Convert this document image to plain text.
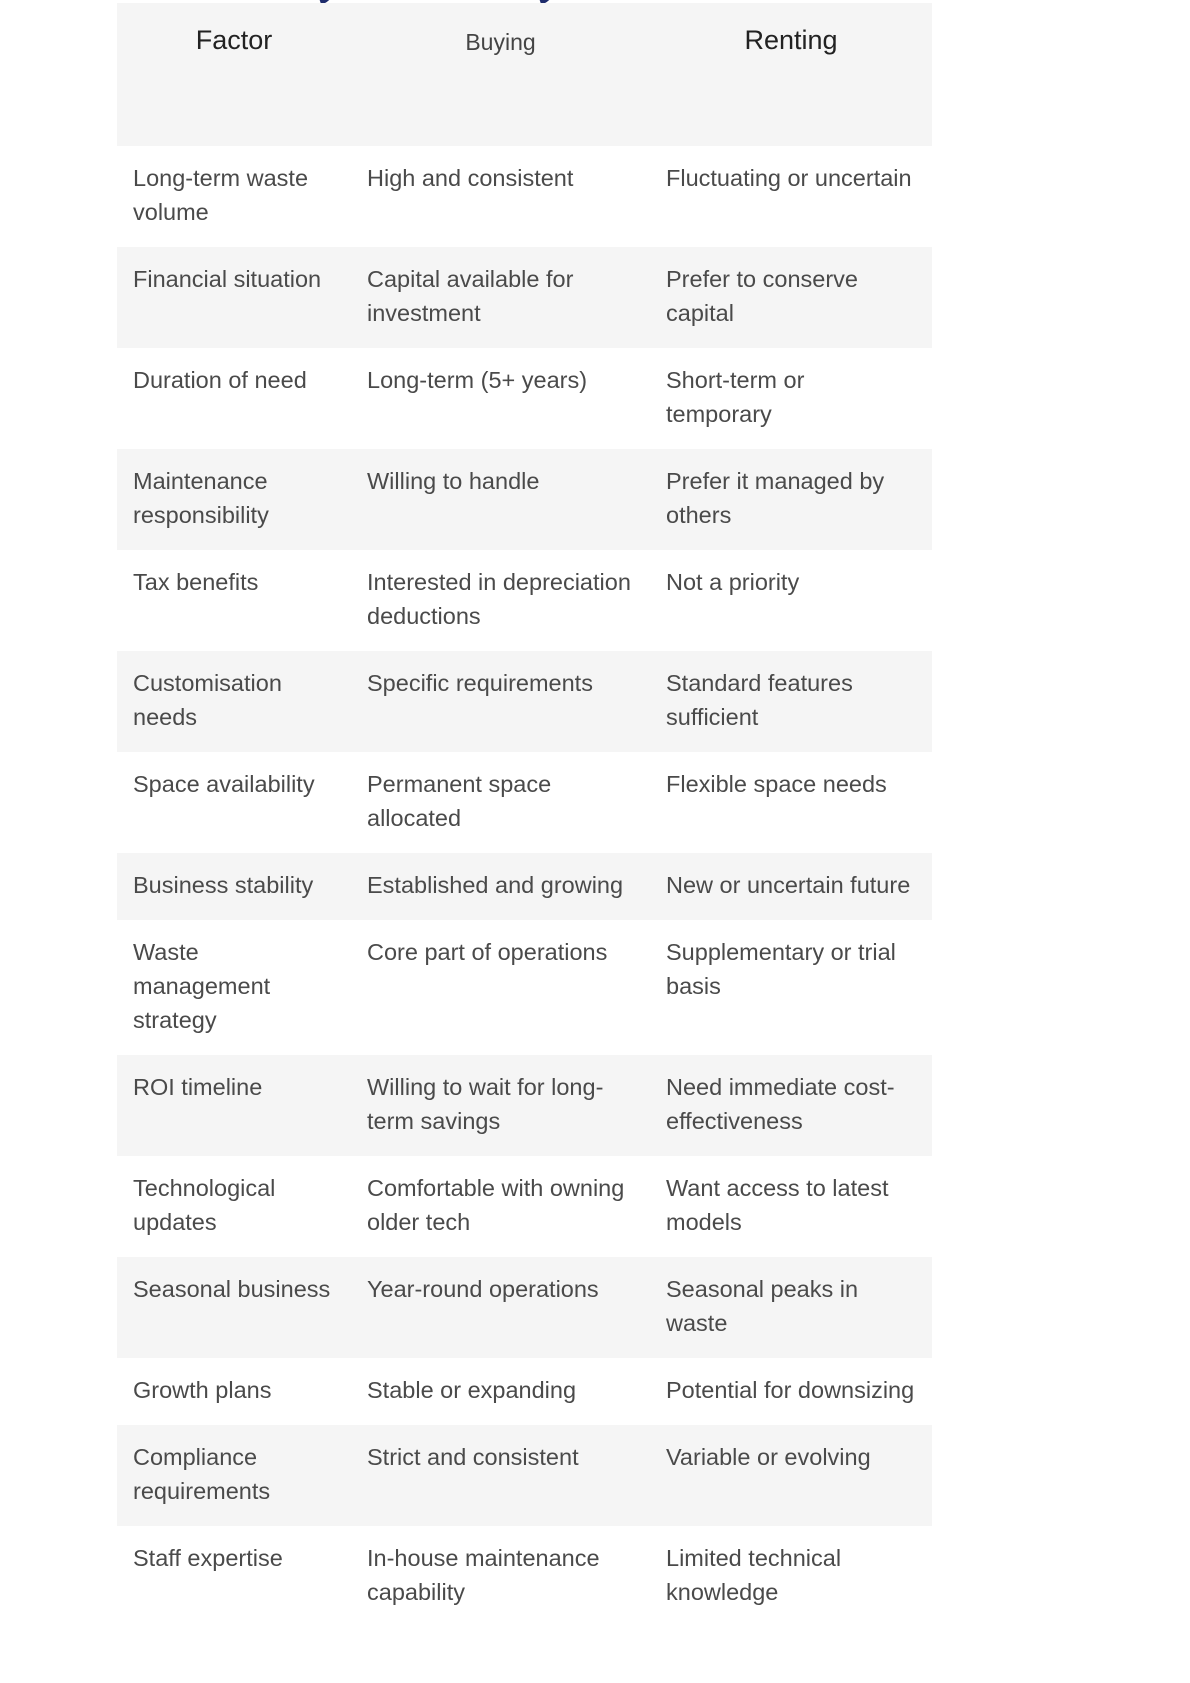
Factor	Buying	Renting
Long-term waste volume	High and consistent	Fluctuating or uncertain
Financial situation	Capital available for investment	Prefer to conserve capital
Duration of need	Long-term (5+ years)	Short-term or temporary
Maintenance responsibility	Willing to handle	Prefer it managed by others
Tax benefits	Interested in depreciation deductions	Not a priority
Customisation needs	Specific requirements	Standard features sufficient
Space availability	Permanent space allocated	Flexible space needs
Business stability	Established and growing	New or uncertain future
Waste management strategy	Core part of operations	Supplementary or trial basis
ROI timeline	Willing to wait for long-term savings	Need immediate cost-effectiveness
Technological updates	Comfortable with owning older tech	Want access to latest models
Seasonal business	Year-round operations	Seasonal peaks in waste
Growth plans	Stable or expanding	Potential for downsizing
Compliance requirements	Strict and consistent	Variable or evolving
Staff expertise	In-house maintenance capability	Limited technical knowledge
